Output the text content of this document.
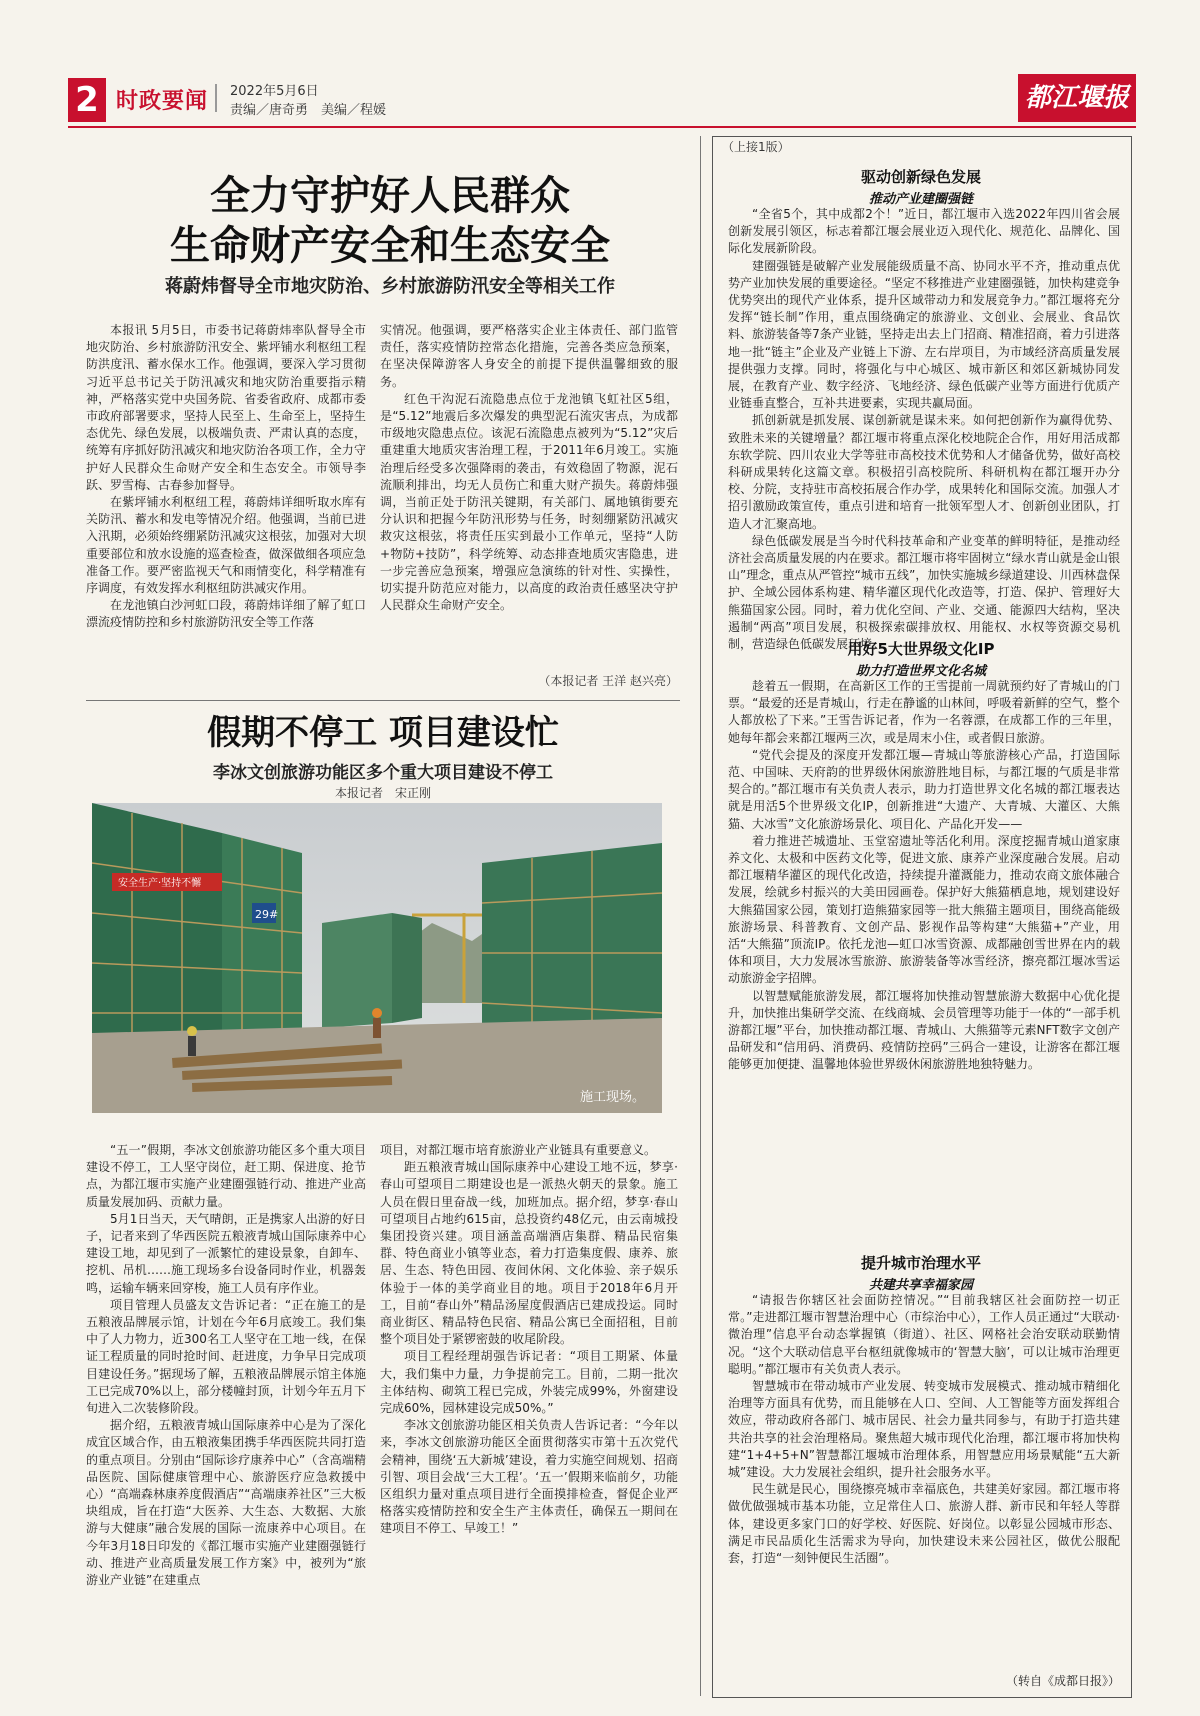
2 时政要闻 2022年5月6日
责编／唐奇勇　美编／程媛	都江堰报
全力守护好人民群众
生命财产安全和生态安全
蒋蔚炜督导全市地灾防治、乡村旅游防汛安全等相关工作

本报讯 5月5日，市委书记蒋蔚炜率队督导全市地灾防治、乡村旅游防汛安全、紫坪铺水利枢纽工程防洪度汛、蓄水保水工作。他强调，要深入学习贯彻习近平总书记关于防汛减灾和地灾防治重要指示精神，严格落实党中央国务院、省委省政府、成都市委市政府部署要求，坚持人民至上、生命至上，坚持生态优先、绿色发展，以极端负责、严肃认真的态度，统筹有序抓好防汛减灾和地灾防治各项工作，全力守护好人民群众生命财产安全和生态安全。市领导李跃、罗雪梅、古春参加督导。

在紫坪铺水利枢纽工程，蒋蔚炜详细听取水库有关防汛、蓄水和发电等情况介绍。他强调，当前已进入汛期，必须始终绷紧防汛减灾这根弦，加强对大坝重要部位和放水设施的巡查检查，做深做细各项应急准备工作。要严密监视天气和雨情变化，科学精准有序调度，有效发挥水利枢纽防洪减灾作用。

在龙池镇白沙河虹口段，蒋蔚炜详细了解了虹口漂流疫情防控和乡村旅游防汛安全等工作落

实情况。他强调，要严格落实企业主体责任、部门监管责任，落实疫情防控常态化措施，完善各类应急预案，在坚决保障游客人身安全的前提下提供温馨细致的服务。

红色干沟泥石流隐患点位于龙池镇飞虹社区5组，是“5.12”地震后多次爆发的典型泥石流灾害点，为成都市级地灾隐患点位。该泥石流隐患点被列为“5.12”灾后重建重大地质灾害治理工程，于2011年6月竣工。实施治理后经受多次强降雨的袭击，有效稳固了物源，泥石流顺利排出，均无人员伤亡和重大财产损失。蒋蔚炜强调，当前正处于防汛关键期，有关部门、属地镇街要充分认识和把握今年防汛形势与任务，时刻绷紧防汛减灾救灾这根弦，将责任压实到最小工作单元，坚持“人防+物防+技防”，科学统筹、动态排查地质灾害隐患，进一步完善应急预案，增强应急演练的针对性、实操性，切实提升防范应对能力，以高度的政治责任感坚决守护人民群众生命财产安全。

（本报记者 王洋 赵兴亮）
假期不停工 项目建设忙
李冰文创旅游功能区多个重大项目建设不停工
本报记者　宋正刚
安全生产·坚持不懈
29#
施工现场。

“五一”假期，李冰文创旅游功能区多个重大项目建设不停工，工人坚守岗位，赶工期、保进度、抢节点，为都江堰市实施产业建圈强链行动、推进产业高质量发展加码、贡献力量。

5月1日当天，天气晴朗，正是携家人出游的好日子，记者来到了华西医院五粮液青城山国际康养中心建设工地，却见到了一派繁忙的建设景象，自卸车、挖机、吊机……施工现场多台设备同时作业，机器轰鸣，运输车辆来回穿梭，施工人员有序作业。

项目管理人员盛友文告诉记者：“正在施工的是五粮液品牌展示馆，计划在今年6月底竣工。我们集中了人力物力，近300名工人坚守在工地一线，在保证工程质量的同时抢时间、赶进度，力争早日完成项目建设任务。”据现场了解，五粮液品牌展示馆主体施工已完成70%以上，部分楼幢封顶，计划今年五月下旬进入二次装修阶段。

据介绍，五粮液青城山国际康养中心是为了深化成宜区域合作，由五粮液集团携手华西医院共同打造的重点项目。分别由“国际诊疗康养中心”（含高端精品医院、国际健康管理中心、旅游医疗应急救援中心）“高端森林康养度假酒店”“高端康养社区”三大板块组成，旨在打造“大医养、大生态、大数据、大旅游与大健康”融合发展的国际一流康养中心项目。在今年3月18日印发的《都江堰市实施产业建圈强链行动、推进产业高质量发展工作方案》中，被列为“旅游业产业链”在建重点

项目，对都江堰市培育旅游业产业链具有重要意义。

距五粮液青城山国际康养中心建设工地不远，梦享·春山可望项目二期建设也是一派热火朝天的景象。施工人员在假日里奋战一线，加班加点。据介绍，梦享·春山可望项目占地约615亩，总投资约48亿元，由云南城投集团投资兴建。项目涵盖高端酒店集群、精品民宿集群、特色商业小镇等业态，着力打造集度假、康养、旅居、生态、特色田园、夜间休闲、文化体验、亲子娱乐体验于一体的美学商业目的地。项目于2018年6月开工，目前“春山外”精品汤屋度假酒店已建成投运。同时商业街区、精品特色民宿、精品公寓已全面招租，目前整个项目处于紧锣密鼓的收尾阶段。

项目工程经理胡强告诉记者：“项目工期紧、体量大，我们集中力量，力争提前完工。目前，二期一批次主体结构、砌筑工程已完成，外装完成99%，外窗建设完成60%，园林建设完成50%。”

李冰文创旅游功能区相关负责人告诉记者：“今年以来，李冰文创旅游功能区全面贯彻落实市第十五次党代会精神，围绕‘五大新城’建设，着力实施空间规划、招商引智、项目会战‘三大工程’。‘五一’假期来临前夕，功能区组织力量对重点项目进行全面摸排检查，督促企业严格落实疫情防控和安全生产主体责任，确保五一期间在建项目不停工、早竣工！”

（上接1版）
驱动创新绿色发展
推动产业建圈强链

“全省5个，其中成都2个！”近日，都江堰市入选2022年四川省会展创新发展引领区，标志着都江堰会展业迈入现代化、规范化、品牌化、国际化发展新阶段。

建圈强链是破解产业发展能级质量不高、协同水平不齐，推动重点优势产业加快发展的重要途径。“坚定不移推进产业建圈强链，加快构建竞争优势突出的现代产业体系，提升区域带动力和发展竞争力。”都江堰将充分发挥“链长制”作用，重点围绕确定的旅游业、文创业、会展业、食品饮料、旅游装备等7条产业链，坚持走出去上门招商、精准招商，着力引进落地一批“链主”企业及产业链上下游、左右岸项目，为市域经济高质量发展提供强力支撑。同时，将强化与中心城区、城市新区和郊区新城协同发展，在教育产业、数字经济、飞地经济、绿色低碳产业等方面进行优质产业链垂直整合，互补共进要素，实现共赢局面。

抓创新就是抓发展、谋创新就是谋未来。如何把创新作为赢得优势、致胜未来的关键增量？都江堰市将重点深化校地院企合作，用好用活成都东软学院、四川农业大学等驻市高校技术优势和人才储备优势，做好高校科研成果转化这篇文章。积极招引高校院所、科研机构在都江堰开办分校、分院，支持驻市高校拓展合作办学，成果转化和国际交流。加强人才招引激励政策宣传，重点引进和培育一批领军型人才、创新创业团队，打造人才汇聚高地。

绿色低碳发展是当今时代科技革命和产业变革的鲜明特征，是推动经济社会高质量发展的内在要求。都江堰市将牢固树立“绿水青山就是金山银山”理念，重点从严管控“城市五线”，加快实施城乡绿道建设、川西林盘保护、全域公园体系构建、精华灌区现代化改造等，打造、保护、管理好大熊猫国家公园。同时，着力优化空间、产业、交通、能源四大结构，坚决遏制“两高”项目发展，积极探索碳排放权、用能权、水权等资源交易机制，营造绿色低碳发展环境。

用好5大世界级文化IP
助力打造世界文化名城

趁着五一假期，在高新区工作的王雪提前一周就预约好了青城山的门票。“最爱的还是青城山，行走在静谧的山林间，呼吸着新鲜的空气，整个人都放松了下来。”王雪告诉记者，作为一名蓉漂，在成都工作的三年里，她每年都会来都江堰两三次，或是周末小住，或者假日旅游。

“党代会提及的深度开发都江堰—青城山等旅游核心产品，打造国际范、中国味、天府韵的世界级休闲旅游胜地目标，与都江堰的气质是非常契合的。”都江堰市有关负责人表示，助力打造世界文化名城的都江堰表达就是用活5个世界级文化IP，创新推进“大遗产、大青城、大灌区、大熊猫、大冰雪”文化旅游场景化、项目化、产品化开发——

着力推进芒城遗址、玉堂窑遗址等活化利用。深度挖掘青城山道家康养文化、太极和中医药文化等，促进文旅、康养产业深度融合发展。启动都江堰精华灌区的现代化改造，持续提升灌溉能力，推动农商文旅体融合发展，绘就乡村振兴的大美田园画卷。保护好大熊猫栖息地，规划建设好大熊猫国家公园，策划打造熊猫家园等一批大熊猫主题项目，围绕高能级旅游场景、科普教育、文创产品、影视作品等构建“大熊猫+”产业，用活“大熊猫”顶流IP。依托龙池—虹口冰雪资源、成都融创雪世界在内的载体和项目，大力发展冰雪旅游、旅游装备等冰雪经济，擦亮都江堰冰雪运动旅游金字招牌。

以智慧赋能旅游发展，都江堰将加快推动智慧旅游大数据中心优化提升，加快推出集研学交流、在线商城、会员管理等功能于一体的“一部手机游都江堰”平台，加快推动都江堰、青城山、大熊猫等元素NFT数字文创产品研发和“信用码、消费码、疫情防控码”三码合一建设，让游客在都江堰能够更加便捷、温馨地体验世界级休闲旅游胜地独特魅力。

提升城市治理水平
共建共享幸福家园

“请报告你辖区社会面防控情况。”“目前我辖区社会面防控一切正常。”走进都江堰市智慧治理中心（市综治中心），工作人员正通过“大联动·微治理”信息平台动态掌握镇（街道）、社区、网格社会治安联动联勤情况。“这个大联动信息平台枢纽就像城市的‘智慧大脑’，可以让城市治理更聪明。”都江堰市有关负责人表示。

智慧城市在带动城市产业发展、转变城市发展模式、推动城市精细化治理等方面具有优势，而且能够在人口、空间、人工智能等方面发挥组合效应，带动政府各部门、城市居民、社会力量共同参与，有助于打造共建共治共享的社会治理格局。聚焦超大城市现代化治理，都江堰市将加快构建“1+4+5+N”智慧都江堰城市治理体系，用智慧应用场景赋能“五大新城”建设。大力发展社会组织，提升社会服务水平。

民生就是民心，围绕擦亮城市幸福底色，共建美好家园。都江堰市将做优做强城市基本功能，立足常住人口、旅游人群、新市民和年轻人等群体，建设更多家门口的好学校、好医院、好岗位。以彰显公园城市形态、满足市民品质化生活需求为导向，加快建设未来公园社区，做优公服配套，打造“一刻钟便民生活圈”。

（转自《成都日报》）
